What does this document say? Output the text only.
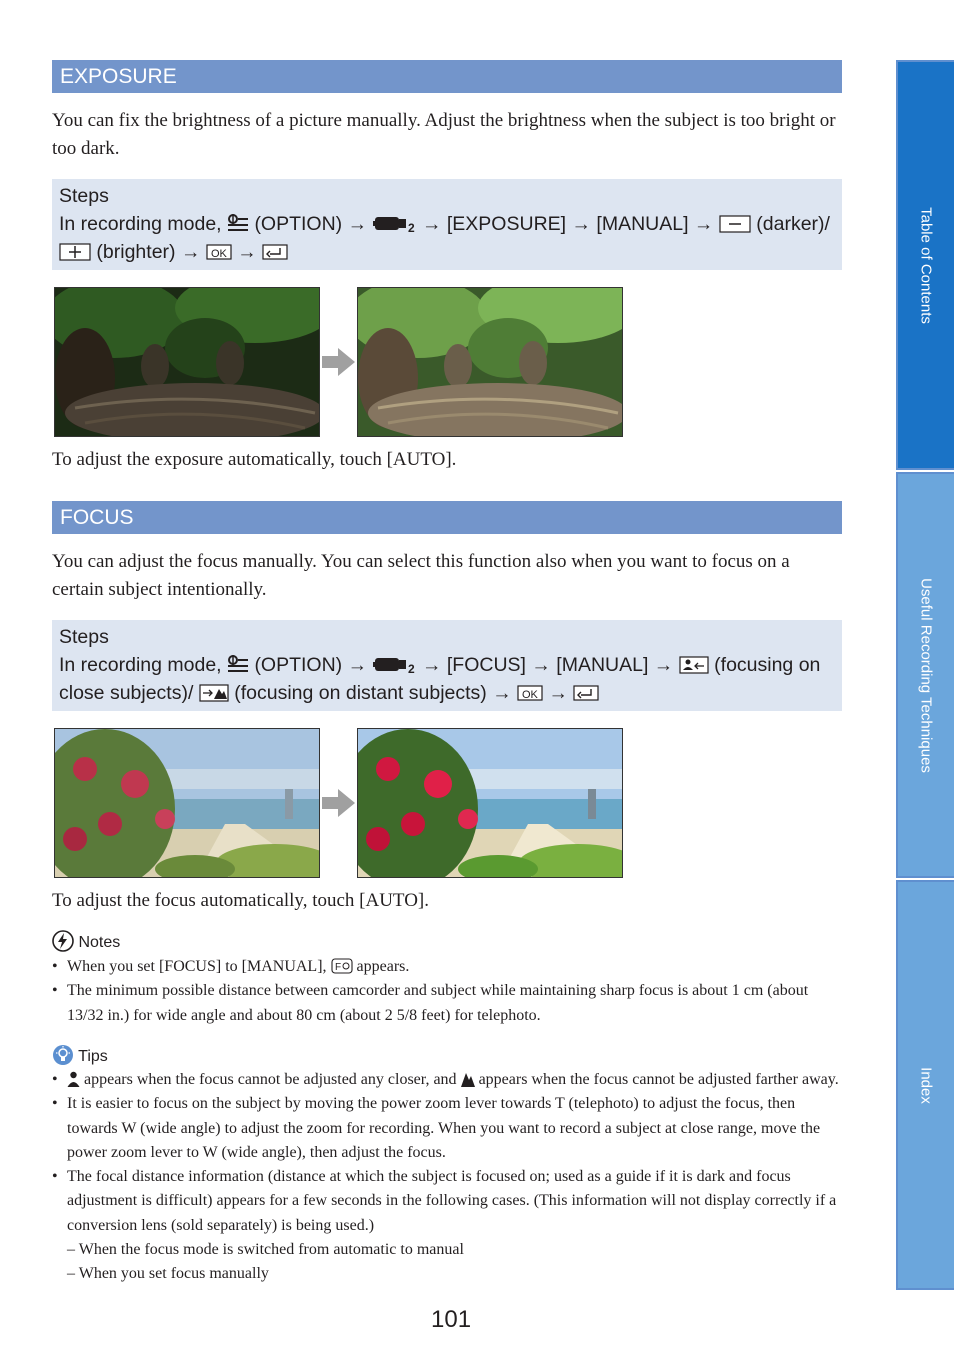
Table of Contents
Useful Recording Techniques
Index
EXPOSURE
You can fix the brightness of a picture manually. Adjust the brightness when the subject is too bright or too dark.
Steps
In recording mode, (OPTION) →	2 → [EXPOSURE] → [MANUAL] → (darker)/
(brighter) → OK →
To adjust the exposure automatically, touch [AUTO].
FOCUS
You can adjust the focus manually. You can select this function also when you want to focus on a certain subject intentionally.
Steps
In recording mode, (OPTION) →	2 → [FOCUS] → [MANUAL] → (focusing on close subjects)/ (focusing on distant subjects) → OK →
To adjust the focus automatically, touch [AUTO].
Notes
• When you set [FOCUS] to [MANUAL], F appears.
• The minimum possible distance between camcorder and subject while maintaining sharp focus is about 1 cm (about 13/32 in.) for wide angle and about 80 cm (about 2 5/8 feet) for telephoto.
Tips
• appears when the focus cannot be adjusted any closer, and appears when the focus cannot be adjusted farther away.
• It is easier to focus on the subject by moving the power zoom lever towards T (telephoto) to adjust the focus, then towards W (wide angle) to adjust the zoom for recording. When you want to record a subject at close range, move the power zoom lever to W (wide angle), then adjust the focus.
• The focal distance information (distance at which the subject is focused on; used as a guide if it is dark and focus adjustment is difficult) appears for a few seconds in the following cases. (This information will not display correctly if a conversion lens (sold separately) is being used.)
– When the focus mode is switched from automatic to manual
– When you set focus manually
101
